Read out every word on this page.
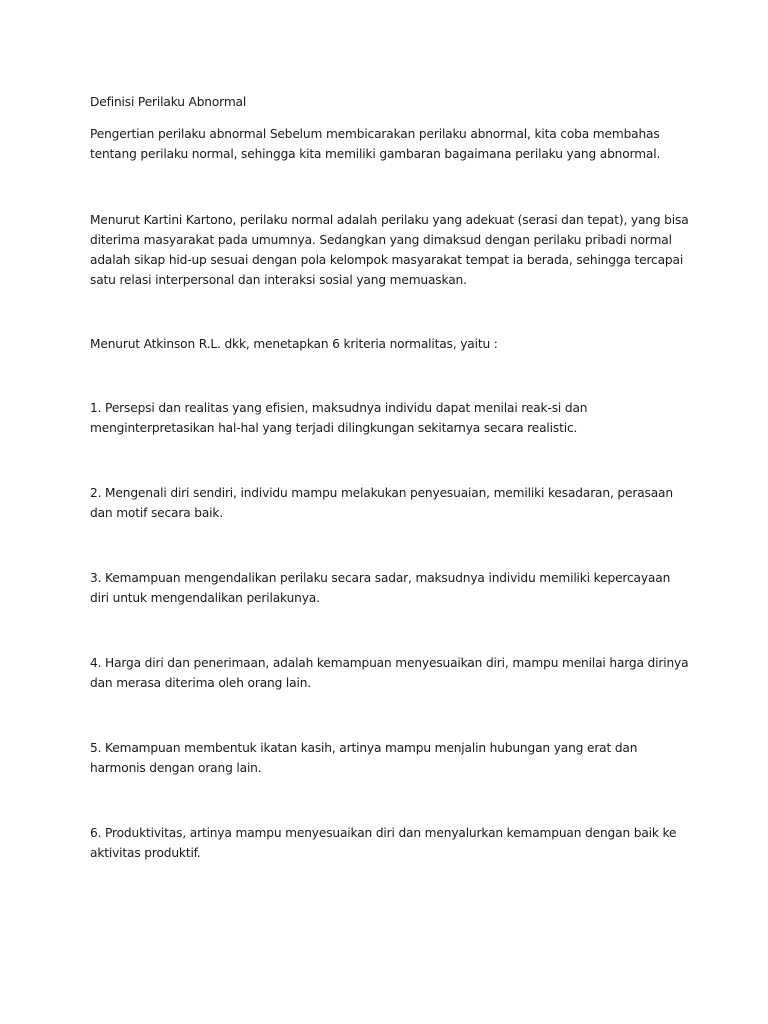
Definisi Perilaku Abnormal

Pengertian perilaku abnormal Sebelum membicarakan perilaku abnormal, kita coba membahas tentang perilaku normal, sehingga kita memiliki gambaran bagaimana perilaku yang abnormal.

Menurut Kartini Kartono, perilaku normal adalah perilaku yang adekuat (serasi dan tepat), yang bisa diterima masyarakat pada umumnya. Sedangkan yang dimaksud dengan perilaku pribadi normal adalah sikap hid-up sesuai dengan pola kelompok masyarakat tempat ia berada, sehingga tercapai satu relasi interpersonal dan interaksi sosial yang memuaskan.

Menurut Atkinson R.L. dkk, menetapkan 6 kriteria normalitas, yaitu :

1. Persepsi dan realitas yang efisien, maksudnya individu dapat menilai reak-si dan menginterpretasikan hal-hal yang terjadi dilingkungan sekitarnya secara realistic.

2. Mengenali diri sendiri, individu mampu melakukan penyesuaian, memiliki kesadaran, perasaan dan motif secara baik.

3. Kemampuan mengendalikan perilaku secara sadar, maksudnya individu memiliki kepercayaan diri untuk mengendalikan perilakunya.

4. Harga diri dan penerimaan, adalah kemampuan menyesuaikan diri, mampu menilai harga dirinya dan merasa diterima oleh orang lain.

5. Kemampuan membentuk ikatan kasih, artinya mampu menjalin hubungan yang erat dan harmonis dengan orang lain.

6. Produktivitas, artinya mampu menyesuaikan diri dan menyalurkan kemampuan dengan baik ke aktivitas produktif.
